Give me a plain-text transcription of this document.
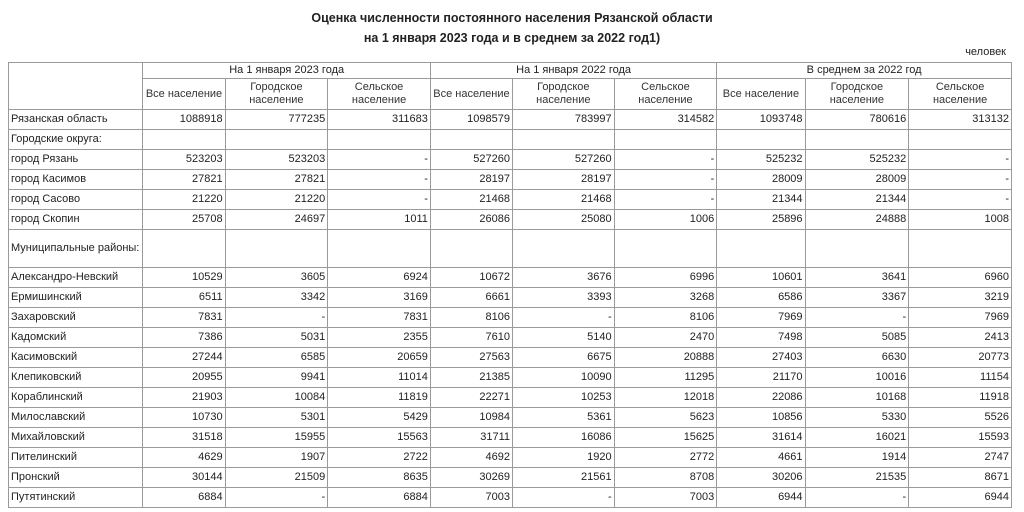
Оценка численности постоянного населения Рязанской области
на 1 января 2023 года и в среднем за 2022 год1)
человек
	На 1 января 2023 года			На 1 января 2022 года			В среднем за 2022 год		
	Все население	Городское население	Сельское население	Все население	Городское население	Сельское население	Все население	Городское население	Сельское население
Рязанская область	1088918	777235	311683	1098579	783997	314582	1093748	780616	313132
Городские округа:									
город Рязань	523203	523203	-	527260	527260	-	525232	525232	-
город Касимов	27821	27821	-	28197	28197	-	28009	28009	-
город Сасово	21220	21220	-	21468	21468	-	21344	21344	-
город Скопин	25708	24697	1011	26086	25080	1006	25896	24888	1008
Муниципальные районы:									
Александро-Невский	10529	3605	6924	10672	3676	6996	10601	3641	6960
Ермишинский	6511	3342	3169	6661	3393	3268	6586	3367	3219
Захаровский	7831	-	7831	8106	-	8106	7969	-	7969
Кадомский	7386	5031	2355	7610	5140	2470	7498	5085	2413
Касимовский	27244	6585	20659	27563	6675	20888	27403	6630	20773
Клепиковский	20955	9941	11014	21385	10090	11295	21170	10016	11154
Кораблинский	21903	10084	11819	22271	10253	12018	22086	10168	11918
Милославский	10730	5301	5429	10984	5361	5623	10856	5330	5526
Михайловский	31518	15955	15563	31711	16086	15625	31614	16021	15593
Пителинский	4629	1907	2722	4692	1920	2772	4661	1914	2747
Пронский	30144	21509	8635	30269	21561	8708	30206	21535	8671
Путятинский	6884	-	6884	7003	-	7003	6944	-	6944
